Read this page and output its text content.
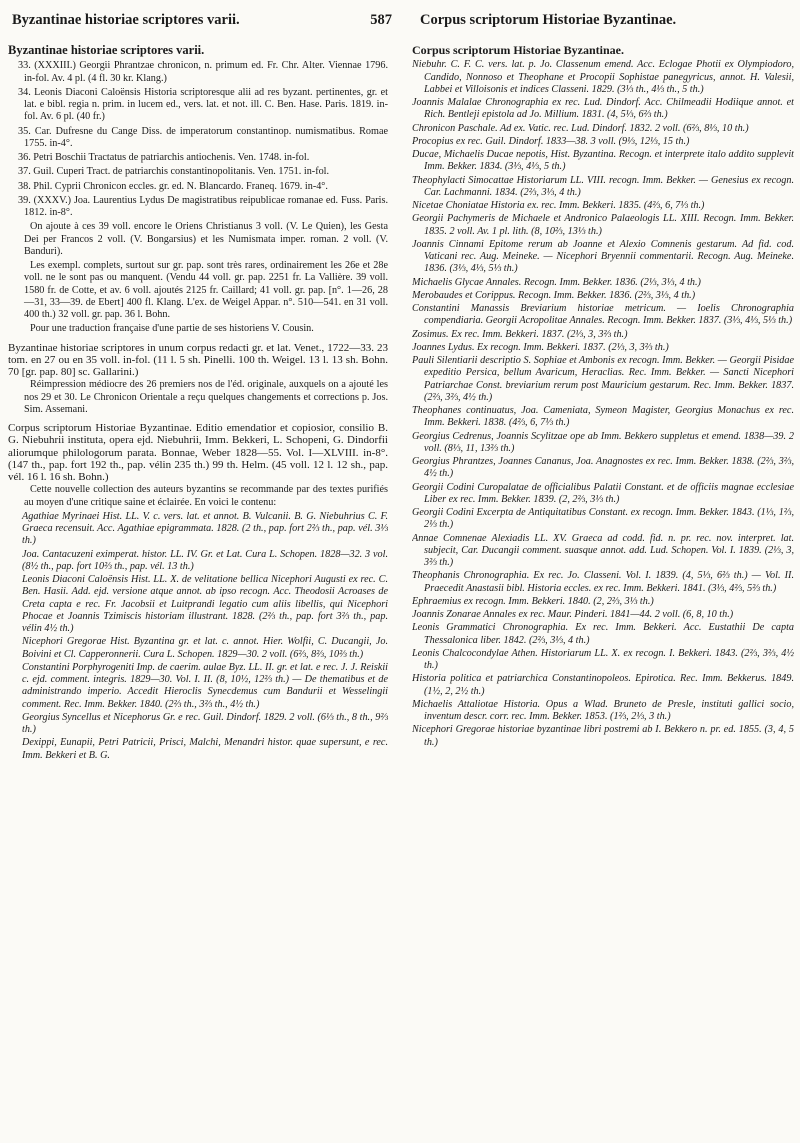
Byzantinae historiae scriptores varii.	587 Corpus scriptorum Historiae Byzantinae.
Byzantinae historiae scriptores varii.
33. (XXXIII.) Georgii Phrantzae chronicon, n. primum ed. Fr. Chr. Alter. Viennae 1796. in-fol. Av. 4 pl. (4 fl. 30 kr. Klang.)
34. Leonis Diaconi Caloënsis Historia scriptoresque alii ad res byzant. pertinentes, gr. et lat. e bibl. regia n. prim. in lucem ed., vers. lat. et not. ill. C. Ben. Hase. Paris. 1819. in-fol. Av. 6 pl. (40 fr.)
35. Car. Dufresne du Cange Diss. de imperatorum constantinop. numismatibus. Romae 1755. in-4°.
36. Petri Boschii Tractatus de patriarchis antiochenis. Ven. 1748. in-fol.
37. Guil. Cuperi Tract. de patriarchis constantinopolitanis. Ven. 1751. in-fol.
38. Phil. Cyprii Chronicon eccles. gr. ed. N. Blancardo. Franeq. 1679. in-4°.
39. (XXXV.) Joa. Laurentius Lydus De magistratibus reipublicae romanae ed. Fuss. Paris. 1812. in-8°.
On ajoute à ces 39 voll. encore le Oriens Christianus 3 voll. (V. Le Quien), les Gesta Dei per Francos 2 voll. (V. Bongarsius) et les Numismata imper. roman. 2 voll. (V. Banduri).
Les exempl. complets, surtout sur gr. pap. sont très rares, ordinairement les 26e et 28e voll. ne le sont pas ou manquent. (Vendu 44 voll. gr. pap. 2251 fr. La Vallière. 39 voll. 1580 fr. de Cotte, et av. 6 voll. ajoutés 2125 fr. Caillard; 41 voll. gr. pap. [n°. 1—26, 28—31, 33—39. de Ebert] 400 fl. Klang. L'ex. de Weigel Appar. n°. 510—541. en 31 voll. 400 th.) 32 voll. gr. pap. 36 l. Bohn.
Pour une traduction française d'une partie de ses historiens V. Cousin.
Byzantinae historiae scriptores in unum corpus redacti gr. et lat. Venet., 1722—33. 23 tom. en 27 ou en 35 voll. in-fol. (11 l. 5 sh. Pinelli. 100 th. Weigel. 13 l. 13 sh. Bohn. 70 [gr. pap. 80] sc. Gallarini.)
Réimpression médiocre des 26 premiers nos de l'éd. originale, auxquels on a ajouté les nos 29 et 30. Le Chronicon Orientale a reçu quelques changements et corrections p. Jos. Sim. Assemani.
Corpus scriptorum Historiae Byzantinae. Editio emendatior et copiosior, consilio B. G. Niebuhrii instituta, opera ejd. Niebuhrii, Imm. Bekkeri, L. Schopeni, G. Dindorfii aliorumque philologorum parata. Bonnae, Weber 1828—55. Vol. I—XLVIII. in-8°. (147 th., pap. fort 192 th., pap. vélin 235 th.) 99 th. Helm. (45 voll. 12 l. 12 sh., pap. vél. 16 l. 16 sh. Bohn.)
Cette nouvelle collection des auteurs byzantins se recommande par des textes purifiés au moyen d'une critique saine et éclairée. En voici le contenu:
Agathiae Myrinaei Hist. LL. V. c. vers. lat. et annot. B. Vulcanii. B. G. Niebuhrius C. F. Graeca recensuit. Acc. Agathiae epigrammata. 1828. (2 th., pap. fort 2⅔ th., pap. vél. 3⅓ th.)
Joa. Cantacuzeni eximperat. histor. LL. IV. Gr. et Lat. Cura L. Schopen. 1828—32. 3 vol. (8½ th., pap. fort 10⅔ th., pap. vél. 13 th.)
Leonis Diaconi Caloënsis Hist. LL. X. de velitatione bellica Nicephori Augusti ex rec. C. Ben. Hasii. Add. ejd. versione atque annot. ab ipso recogn. Acc. Theodosii Acroases de Creta capta e rec. Fr. Jacobsii et Luitprandi legatio cum aliis libellis, qui Nicephori Phocae et Joannis Tzimiscis historiam illustrant. 1828. (2⅔ th., pap. fort 3⅔ th., pap. vélin 4½ th.)
Nicephori Gregorae Hist. Byzantina gr. et lat. c. annot. Hier. Wolfii, C. Ducangii, Jo. Boivini et Cl. Capperonnerii. Cura L. Schopen. 1829—30. 2 voll. (6⅔, 8⅔, 10⅔ th.)
Constantini Porphyrogeniti Imp. de caerim. aulae Byz. LL. II. gr. et lat. e rec. J. J. Reiskii c. ejd. comment. integris. 1829—30. Vol. I. II. (8, 10½, 12⅔ th.) — De thematibus et de administrando imperio. Accedit Hieroclis Synecdemus cum Bandurii et Wesselingii comment. Rec. Imm. Bekker. 1840. (2⅔ th., 3⅔ th., 4½ th.)
Georgius Syncellus et Nicephorus Gr. e rec. Guil. Dindorf. 1829. 2 voll. (6⅓ th., 8 th., 9⅔ th.)
Dexippi, Eunapii, Petri Patricii, Prisci, Malchi, Menandri histor. quae supersunt, e rec. Imm. Bekkeri et B. G.
Corpus scriptorum Historiae Byzantinae.
Niebuhr. C. F. C. vers. lat. p. Jo. Classenum emend. Acc. Eclogae Photii ex Olympiodoro, Candido, Nonnoso et Theophane et Procopii Sophistae panegyricus, annot. H. Valesii, Labbei et Villoisonis et indices Classeni. 1829. (3⅓ th., 4⅓ th., 5 th.)
Joannis Malalae Chronographia ex rec. Lud. Dindorf. Acc. Chilmeadii Hodiique annot. et Rich. Bentleji epistola ad Jo. Millium. 1831. (4, 5⅓, 6⅔ th.)
Chronicon Paschale. Ad ex. Vatic. rec. Lud. Dindorf. 1832. 2 voll. (6⅔, 8⅓, 10 th.)
Procopius ex rec. Guil. Dindorf. 1833—38. 3 voll. (9⅓, 12⅓, 15 th.)
Ducae, Michaelis Ducae nepotis, Hist. Byzantina. Recogn. et interprete italo addito supplevit Imm. Bekker. 1834. (3⅓, 4⅓, 5 th.)
Theophylacti Simocattae Historiarum LL. VIII. recogn. Imm. Bekker. — Genesius ex recogn. Car. Lachmanni. 1834. (2⅔, 3⅓, 4 th.)
Nicetae Choniatae Historia ex. rec. Imm. Bekkeri. 1835. (4⅔, 6, 7⅓ th.)
Georgii Pachymeris de Michaele et Andronico Palaeologis LL. XIII. Recogn. Imm. Bekker. 1835. 2 voll. Av. 1 pl. lith. (8, 10⅔, 13⅓ th.)
Joannis Cinnami Epitome rerum ab Joanne et Alexio Comnenis gestarum. Ad fid. cod. Vaticani rec. Aug. Meineke. — Nicephori Bryennii commentarii. Recogn. Aug. Meineke. 1836. (3⅓, 4⅓, 5⅓ th.)
Michaelis Glycae Annales. Recogn. Imm. Bekker. 1836. (2⅓, 3⅓, 4 th.)
Merobaudes et Corippus. Recogn. Imm. Bekker. 1836. (2⅔, 3⅓, 4 th.)
Constantini Manassis Breviarium historiae metricum. — Ioelis Chronographia compendiaria. Georgii Acropolitae Annales. Recogn. Imm. Bekker. 1837. (3⅓, 4⅓, 5⅓ th.)
Zosimus. Ex rec. Imm. Bekkeri. 1837. (2⅓, 3, 3⅔ th.)
Joannes Lydus. Ex recogn. Imm. Bekkeri. 1837. (2⅓, 3, 3⅔ th.)
Pauli Silentiarii descriptio S. Sophiae et Ambonis ex recogn. Imm. Bekker. — Georgii Pisidae expeditio Persica, bellum Avaricum, Heraclias. Rec. Imm. Bekker. — Sancti Nicephori Patriarchae Const. breviarium rerum post Mauricium gestarum. Rec. Imm. Bekker. 1837. (2⅔, 3⅔, 4½ th.)
Theophanes continuatus, Joa. Cameniata, Symeon Magister, Georgius Monachus ex rec. Imm. Bekkeri. 1838. (4⅔, 6, 7⅓ th.)
Georgius Cedrenus, Joannis Scylitzae ope ab Imm. Bekkero suppletus et emend. 1838—39. 2 voll. (8⅓, 11, 13⅔ th.)
Georgius Phrantzes, Joannes Cananus, Joa. Anagnostes ex rec. Imm. Bekker. 1838. (2⅔, 3⅔, 4½ th.)
Georgii Codini Curopalatae de officialibus Palatii Constant. et de officiis magnae ecclesiae Liber ex rec. Imm. Bekker. 1839. (2, 2⅔, 3⅓ th.)
Georgii Codini Excerpta de Antiquitatibus Constant. ex recogn. Imm. Bekker. 1843. (1⅓, 1⅔, 2⅓ th.)
Annae Comnenae Alexiadis LL. XV. Graeca ad codd. fid. n. pr. rec. nov. interpret. lat. subjecit, Car. Ducangii comment. suasque annot. add. Lud. Schopen. Vol. I. 1839. (2⅓, 3, 3⅔ th.)
Theophanis Chronographia. Ex rec. Jo. Classeni. Vol. I. 1839. (4, 5⅓, 6⅔ th.) — Vol. II. Praecedit Anastasii bibl. Historia eccles. ex rec. Imm. Bekkeri. 1841. (3⅓, 4⅔, 5⅔ th.)
Ephraemius ex recogn. Imm. Bekkeri. 1840. (2, 2⅔, 3⅓ th.)
Joannis Zonarae Annales ex rec. Maur. Pinderi. 1841—44. 2 voll. (6, 8, 10 th.)
Leonis Grammatici Chronographia. Ex rec. Imm. Bekkeri. Acc. Eustathii De capta Thessalonica liber. 1842. (2⅔, 3⅓, 4 th.)
Leonis Chalcocondylae Athen. Historiarum LL. X. ex recogn. I. Bekkeri. 1843. (2⅔, 3⅔, 4½ th.)
Historia politica et patriarchica Constantinopoleos. Epirotica. Rec. Imm. Bekkerus. 1849. (1½, 2, 2½ th.)
Michaelis Attaliotae Historia. Opus a Wlad. Bruneto de Presle, instituti gallici socio, inventum descr. corr. rec. Imm. Bekker. 1853. (1⅔, 2⅓, 3 th.)
Nicephori Gregorae historiae byzantinae libri postremi ab I. Bekkero n. pr. ed. 1855. (3, 4, 5 th.)
